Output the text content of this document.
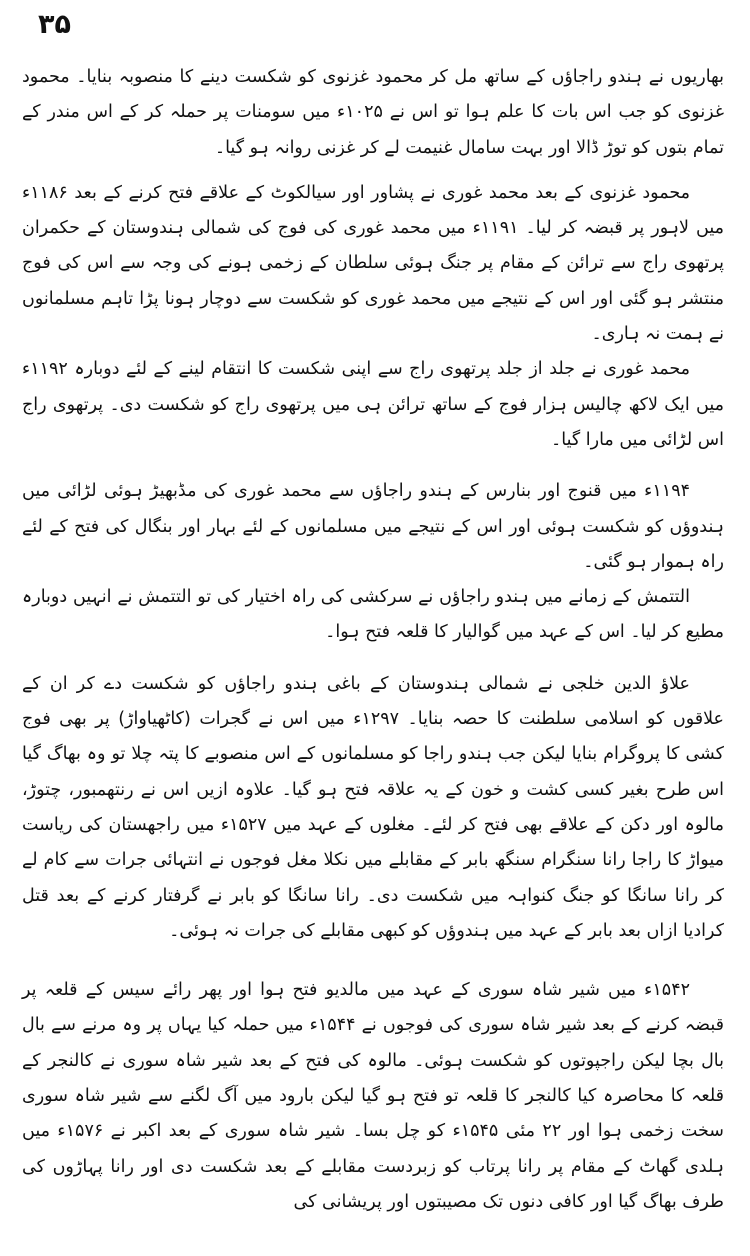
۳۵

بھاریوں نے ہندو راجاؤں کے ساتھ مل کر محمود غزنوی کو شکست دینے کا منصوبہ بنایا۔ محمود غزنوی کو جب اس بات کا علم ہوا تو اس نے ۱۰۲۵ء میں سومنات پر حملہ کر کے اس مندر کے تمام بتوں کو توڑ ڈالا اور بہت سامال غنیمت لے کر غزنی روانہ ہو گیا۔

محمود غزنوی کے بعد محمد غوری نے پشاور اور سیالکوٹ کے علاقے فتح کرنے کے بعد ۱۱۸۶ء میں لاہور پر قبضہ کر لیا۔ ۱۱۹۱ء میں محمد غوری کی فوج کی شمالی ہندوستان کے حکمران پرتھوی راج سے ترائن کے مقام پر جنگ ہوئی سلطان کے زخمی ہونے کی وجہ سے اس کی فوج منتشر ہو گئی اور اس کے نتیجے میں محمد غوری کو شکست سے دوچار ہونا پڑا تاہم مسلمانوں نے ہمت نہ ہاری۔

محمد غوری نے جلد از جلد پرتھوی راج سے اپنی شکست کا انتقام لینے کے لئے دوبارہ ۱۱۹۲ء میں ایک لاکھ چالیس ہزار فوج کے ساتھ ترائن ہی میں پرتھوی راج کو شکست دی۔ پرتھوی راج اس لڑائی میں مارا گیا۔

۱۱۹۴ء میں قنوج اور بنارس کے ہندو راجاؤں سے محمد غوری کی مڈبھیڑ ہوئی لڑائی میں ہندوؤں کو شکست ہوئی اور اس کے نتیجے میں مسلمانوں کے لئے بہار اور بنگال کی فتح کے لئے راہ ہموار ہو گئی۔

التتمش کے زمانے میں ہندو راجاؤں نے سرکشی کی راہ اختیار کی تو التتمش نے انہیں دوبارہ مطیع کر لیا۔ اس کے عہد میں گوالیار کا قلعہ فتح ہوا۔

علاؤ الدین خلجی نے شمالی ہندوستان کے باغی ہندو راجاؤں کو شکست دے کر ان کے علاقوں کو اسلامی سلطنت کا حصہ بنایا۔ ۱۲۹۷ء میں اس نے گجرات (کاٹھیاواڑ) پر بھی فوج کشی کا پروگرام بنایا لیکن جب ہندو راجا کو مسلمانوں کے اس منصوبے کا پتہ چلا تو وہ بھاگ گیا اس طرح بغیر کسی کشت و خون کے یہ علاقہ فتح ہو گیا۔ علاوہ ازیں اس نے رنتھمبور، چتوڑ، مالوہ اور دکن کے علاقے بھی فتح کر لئے۔ مغلوں کے عہد میں ۱۵۲۷ء میں راجھستان کی ریاست میواڑ کا راجا رانا سنگرام سنگھ بابر کے مقابلے میں نکلا مغل فوجوں نے انتہائی جرات سے کام لے کر رانا سانگا کو جنگ کنواہہ میں شکست دی۔ رانا سانگا کو بابر نے گرفتار کرنے کے بعد قتل کرادیا ازاں بعد بابر کے عہد میں ہندوؤں کو کبھی مقابلے کی جرات نہ ہوئی۔

۱۵۴۲ء میں شیر شاہ سوری کے عہد میں مالدیو فتح ہوا اور پھر رائے سیس کے قلعہ پر قبضہ کرنے کے بعد شیر شاہ سوری کی فوجوں نے ۱۵۴۴ء میں حملہ کیا یہاں پر وہ مرنے سے بال بال بچا لیکن راجپوتوں کو شکست ہوئی۔ مالوہ کی فتح کے بعد شیر شاہ سوری نے کالنجر کے قلعہ کا محاصرہ کیا کالنجر کا قلعہ تو فتح ہو گیا لیکن بارود میں آگ لگنے سے شیر شاہ سوری سخت زخمی ہوا اور ۲۲ مئی ۱۵۴۵ء کو چل بسا۔ شیر شاہ سوری کے بعد اکبر نے ۱۵۷۶ء میں ہلدی گھاٹ کے مقام پر رانا پرتاب کو زبردست مقابلے کے بعد شکست دی اور رانا پہاڑوں کی طرف بھاگ گیا اور کافی دنوں تک مصیبتوں اور پریشانی کی
